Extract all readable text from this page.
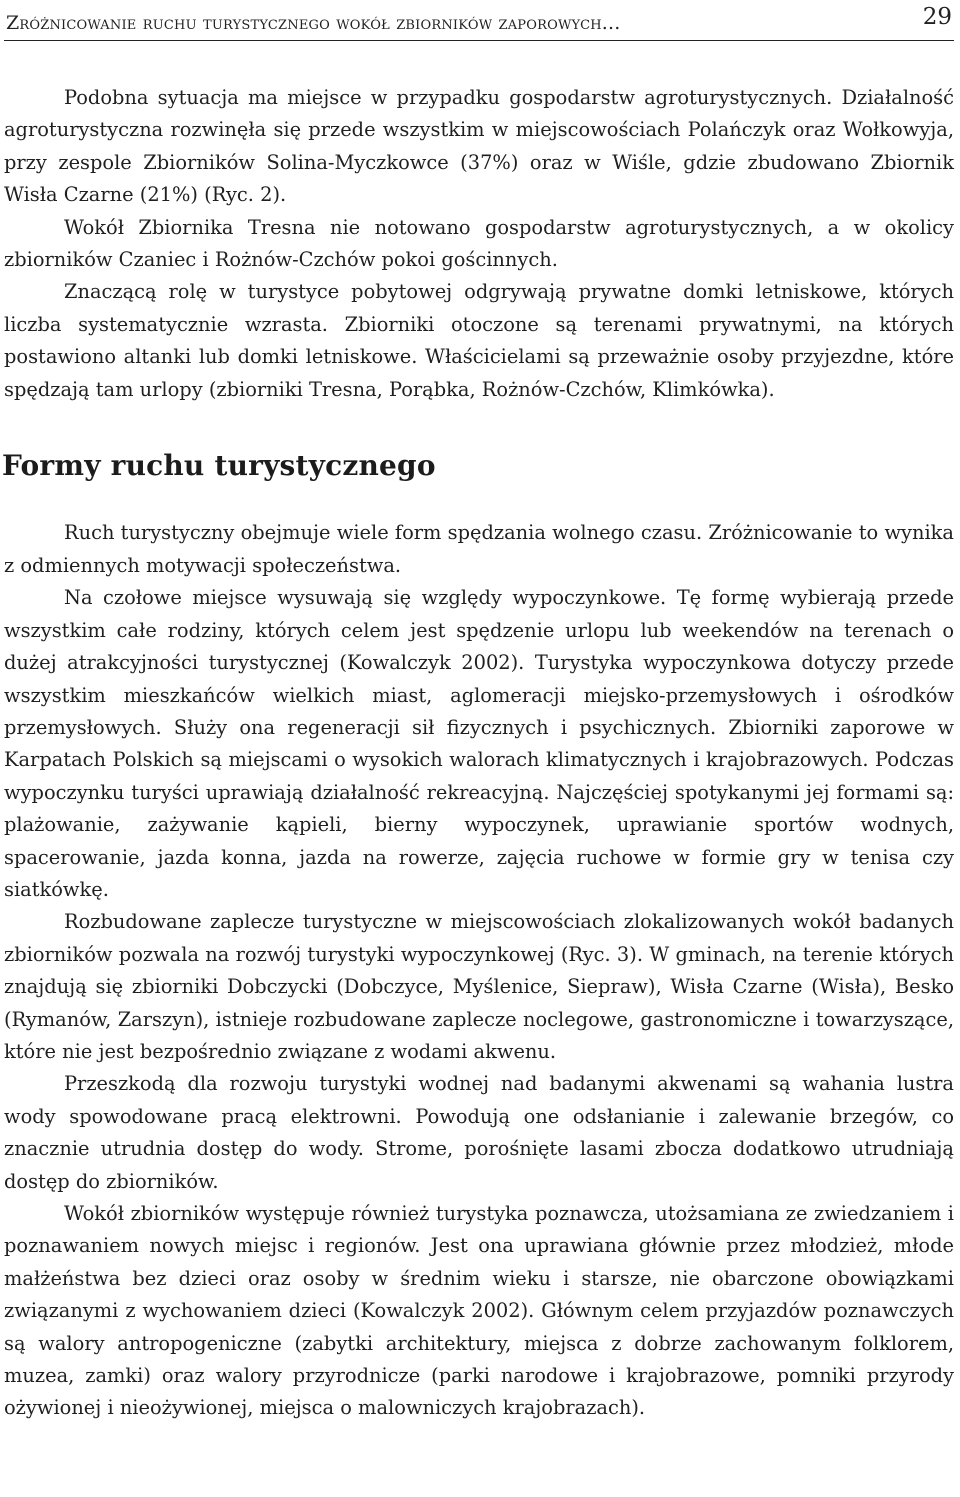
Zróżnicowanie ruchu turystycznego wokół zbiorników zaporowych...	29

Podobna sytuacja ma miejsce w przypadku gospodarstw agroturystycznych. Działalność agroturystyczna rozwinęła się przede wszystkim w miejscowościach Polańczyk oraz Wołkowyja, przy zespole Zbiorników Solina-Myczkowce (37%) oraz w Wiśle, gdzie zbudowano Zbiornik Wisła Czarne (21%) (Ryc. 2).

Wokół Zbiornika Tresna nie notowano gospodarstw agroturystycznych, a w okolicy zbiorników Czaniec i Rożnów-Czchów pokoi gościnnych.

Znaczącą rolę w turystyce pobytowej odgrywają prywatne domki letniskowe, których liczba systematycznie wzrasta. Zbiorniki otoczone są terenami prywatnymi, na których postawiono altanki lub domki letniskowe. Właścicielami są przeważnie osoby przyjezdne, które spędzają tam urlopy (zbiorniki Tresna, Porąbka, Rożnów-Czchów, Klimkówka).

Formy ruchu turystycznego

Ruch turystyczny obejmuje wiele form spędzania wolnego czasu. Zróżnicowanie to wynika z odmiennych motywacji społeczeństwa.

Na czołowe miejsce wysuwają się względy wypoczynkowe. Tę formę wybierają przede wszystkim całe rodziny, których celem jest spędzenie urlopu lub weekendów na terenach o dużej atrakcyjności turystycznej (Kowalczyk 2002). Turystyka wypoczynkowa dotyczy przede wszystkim mieszkańców wielkich miast, aglomeracji miejsko-przemysłowych i ośrodków przemysłowych. Służy ona regeneracji sił fizycznych i psychicznych. Zbiorniki zaporowe w Karpatach Polskich są miejscami o wysokich walorach klimatycznych i krajobrazowych. Podczas wypoczynku turyści uprawiają działalność rekreacyjną. Najczęściej spotykanymi jej formami są: plażowanie, zażywanie kąpieli, bierny wypoczynek, uprawianie sportów wodnych, spacerowanie, jazda konna, jazda na rowerze, zajęcia ruchowe w formie gry w tenisa czy siatkówkę.

Rozbudowane zaplecze turystyczne w miejscowościach zlokalizowanych wokół badanych zbiorników pozwala na rozwój turystyki wypoczynkowej (Ryc. 3). W gminach, na terenie których znajdują się zbiorniki Dobczycki (Dobczyce, Myślenice, Siepraw), Wisła Czarne (Wisła), Besko (Rymanów, Zarszyn), istnieje rozbudowane zaplecze noclegowe, gastronomiczne i towarzyszące, które nie jest bezpośrednio związane z wodami akwenu.

Przeszkodą dla rozwoju turystyki wodnej nad badanymi akwenami są wahania lustra wody spowodowane pracą elektrowni. Powodują one odsłanianie i zalewanie brzegów, co znacznie utrudnia dostęp do wody. Strome, porośnięte lasami zbocza dodatkowo utrudniają dostęp do zbiorników.

Wokół zbiorników występuje również turystyka poznawcza, utożsamiana ze zwiedzaniem i poznawaniem nowych miejsc i regionów. Jest ona uprawiana głównie przez młodzież, młode małżeństwa bez dzieci oraz osoby w średnim wieku i starsze, nie obarczone obowiązkami związanymi z wychowaniem dzieci (Kowalczyk 2002). Głównym celem przyjazdów poznawczych są walory antropogeniczne (zabytki architektury, miejsca z dobrze zachowanym folklorem, muzea, zamki) oraz walory przyrodnicze (parki narodowe i krajobrazowe, pomniki przyrody ożywionej i nieożywionej, miejsca o malowniczych krajobrazach).
